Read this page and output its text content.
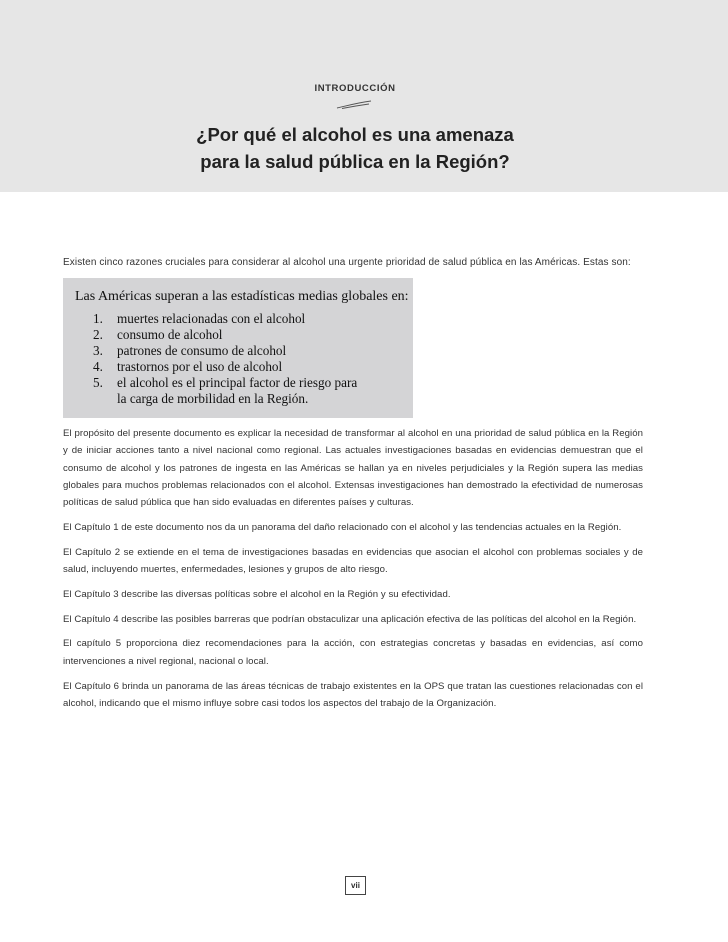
INTRODUCCIÓN
¿Por qué el alcohol es una amenaza
para la salud pública en la Región?
Existen cinco razones cruciales para considerar al alcohol una urgente prioridad de salud pública en las Américas. Estas son:
Las Américas superan a las estadísticas medias globales en:
1.	muertes relacionadas con el alcohol
2.	consumo de alcohol
3.	patrones de consumo de alcohol
4.	trastornos por el uso de alcohol
5.	el alcohol es el principal factor de riesgo para
la carga de morbilidad en la Región.

El propósito del presente documento es explicar la necesidad de transformar al alcohol en una prioridad de salud pública en la Región y de iniciar acciones tanto a nivel nacional como regional. Las actuales investigaciones basadas en evidencias demuestran que el consumo de alcohol y los patrones de ingesta en las Américas se hallan ya en niveles perjudiciales y la Región supera las medias globales para muchos problemas relacionados con el alcohol. Extensas investigaciones han demostrado la efectividad de numerosas políticas de salud pública que han sido evaluadas en diferentes países y culturas.

El Capítulo 1 de este documento nos da un panorama del daño relacionado con el alcohol y las tendencias actuales en la Región.

El Capítulo 2 se extiende en el tema de investigaciones basadas en evidencias que asocian el alcohol con problemas sociales y de salud, incluyendo muertes, enfermedades, lesiones y grupos de alto riesgo.

El Capítulo 3 describe las diversas políticas sobre el alcohol en la Región y su efectividad.

El Capítulo 4 describe las posibles barreras que podrían obstaculizar una aplicación efectiva de las políticas del alcohol en la Región.

El capítulo 5 proporciona diez recomendaciones para la acción, con estrategias concretas y basadas en evidencias, así como intervenciones a nivel regional, nacional o local.

El Capítulo 6 brinda un panorama de las áreas técnicas de trabajo existentes en la OPS que tratan las cuestiones relacionadas con el alcohol, indicando que el mismo influye sobre casi todos los aspectos del trabajo de la Organización.

vii
